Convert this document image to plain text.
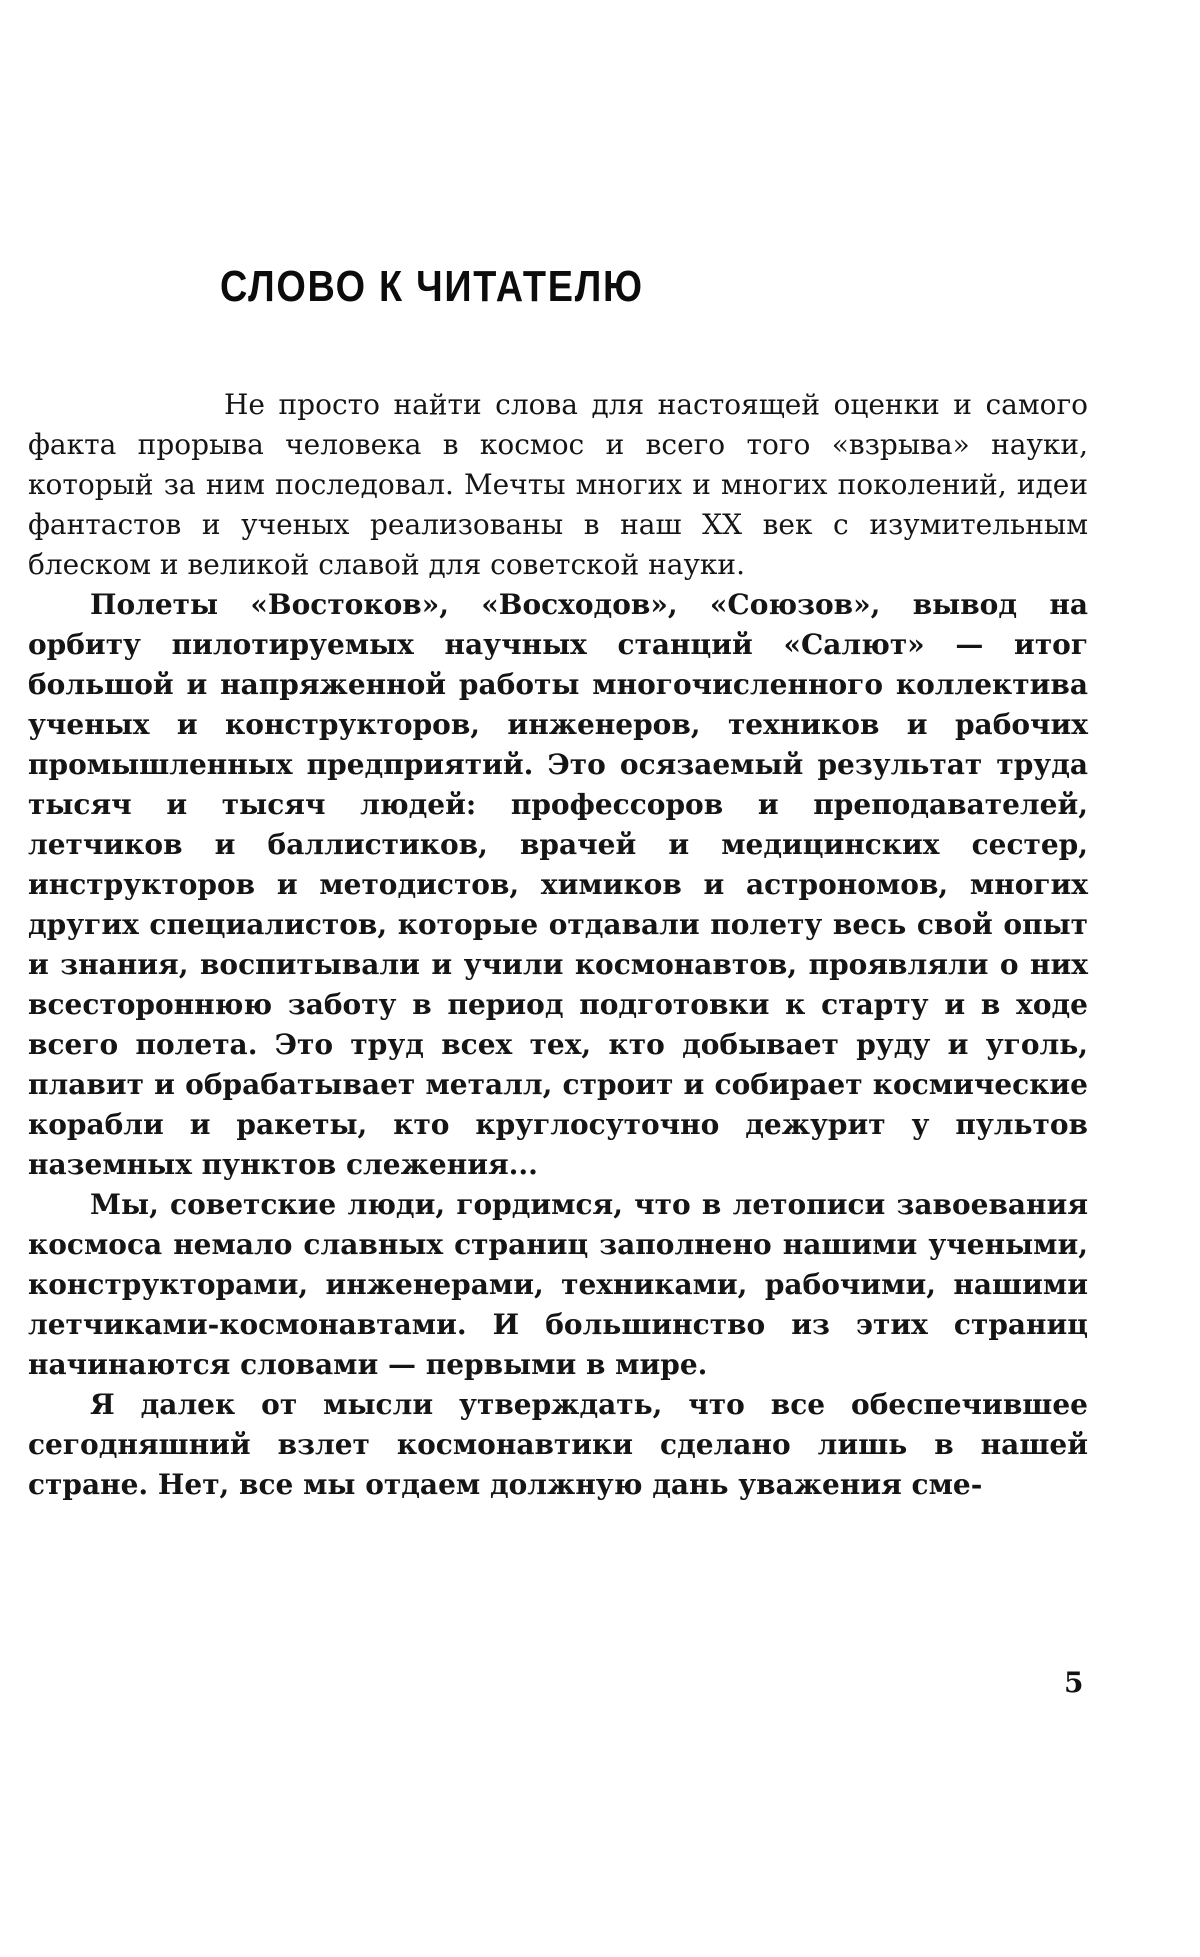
СЛОВО К ЧИТАТЕЛЮ

Не просто найти слова для настоящей оценки и самого факта прорыва человека в космос и всего того «взрыва» науки, который за ним последовал. Мечты многих и многих поколений, идеи фантастов и ученых реализованы в наш XX век с изумительным блеском и великой славой для советской науки.

Полеты «Востоков», «Восходов», «Союзов», вывод на орбиту пилотируемых научных станций «Салют» — итог большой и напряженной работы многочисленного коллектива ученых и конструкторов, инженеров, техников и рабочих промышленных предприятий. Это осязаемый результат труда тысяч и тысяч людей: профессоров и преподавателей, летчиков и баллистиков, врачей и медицинских сестер, инструкторов и методистов, химиков и астрономов, многих других специалистов, которые отдавали полету весь свой опыт и знания, воспитывали и учили космонавтов, проявляли о них всестороннюю заботу в период подготовки к старту и в ходе всего полета. Это труд всех тех, кто добывает руду и уголь, плавит и обрабатывает металл, строит и собирает космические корабли и ракеты, кто круглосуточно дежурит у пультов наземных пунктов слежения...

Мы, советские люди, гордимся, что в летописи завоевания космоса немало славных страниц заполнено нашими учеными, конструкторами, инженерами, техниками, рабочими, нашими летчиками-космонавтами. И большинство из этих страниц начинаются словами — первыми в мире.

Я далек от мысли утверждать, что все обеспечившее сегодняшний взлет космонавтики сделано лишь в нашей стране. Нет, все мы отдаем должную дань уважения сме-

5
